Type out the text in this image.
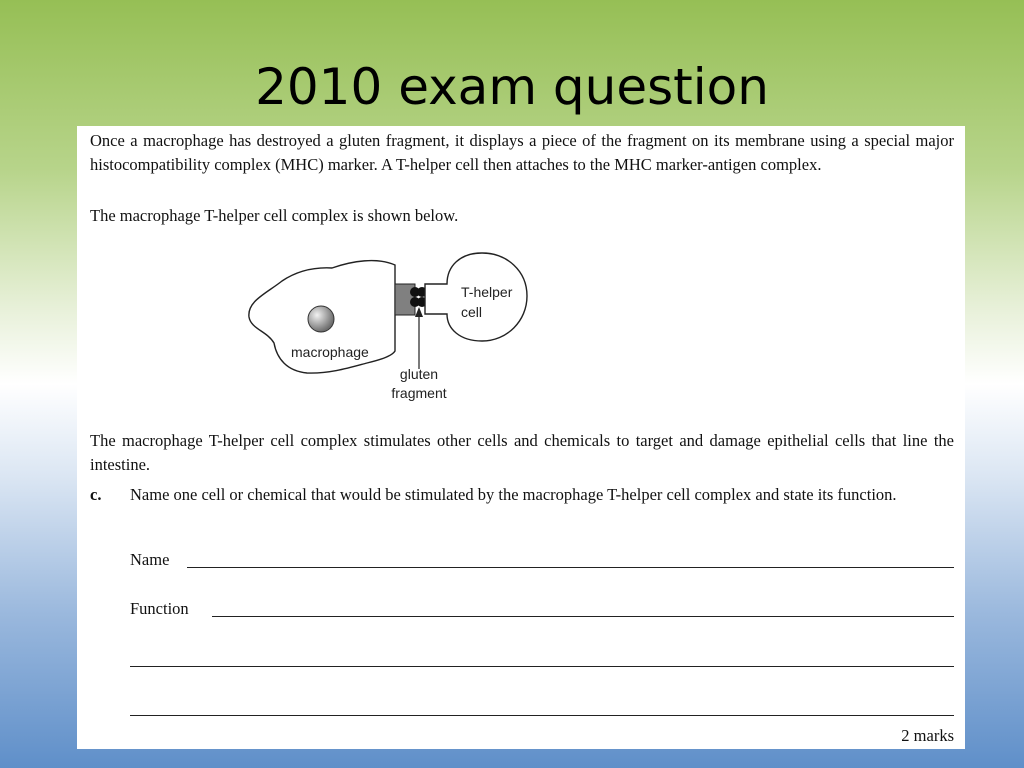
2010 exam question
Once a macrophage has destroyed a gluten fragment, it displays a piece of the fragment on its membrane using a special major histocompatibility complex (MHC) marker. A T-helper cell then attaches to the MHC marker-antigen complex.
The macrophage T-helper cell complex is shown below.
macrophage
T-helper
cell
gluten
fragment
The macrophage T-helper cell complex stimulates other cells and chemicals to target and damage epithelial cells that line the intestine.
c. Name one cell or chemical that would be stimulated by the macrophage T-helper cell complex and state its function.
Name
Function
2 marks
